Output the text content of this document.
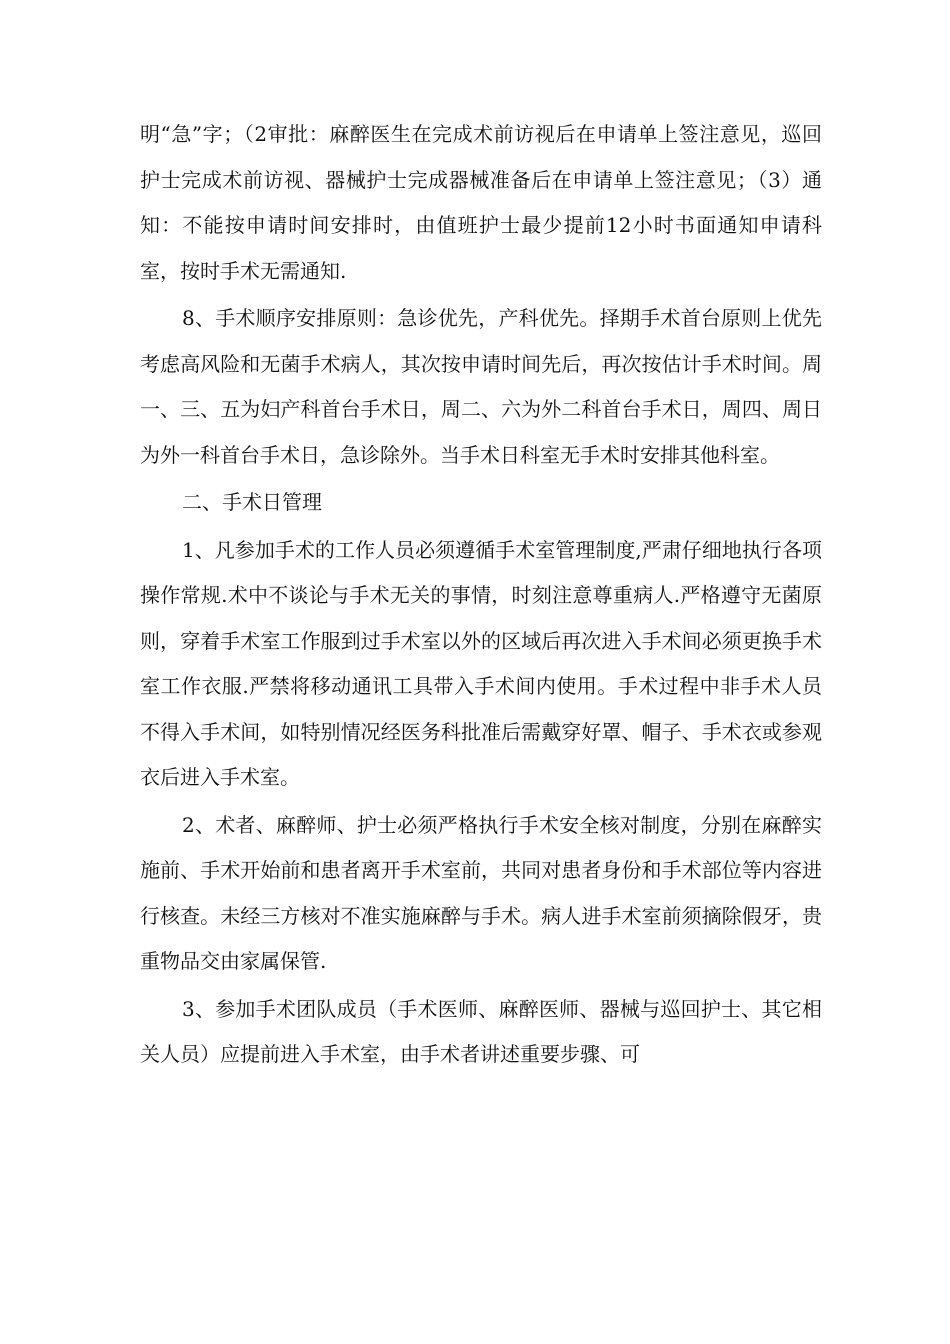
明“急”字；（2审批：麻醉医生在完成术前访视后在申请单上签注意见，巡回护士完成术前访视、器械护士完成器械准备后在申请单上签注意见；（3）通知：不能按申请时间安排时，由值班护士最少提前12小时书面通知申请科室，按时手术无需通知.

8、手术顺序安排原则：急诊优先，产科优先。择期手术首台原则上优先考虑高风险和无菌手术病人，其次按申请时间先后，再次按估计手术时间。周一、三、五为妇产科首台手术日，周二、六为外二科首台手术日，周四、周日为外一科首台手术日，急诊除外。当手术日科室无手术时安排其他科室。

二、手术日管理

1、凡参加手术的工作人员必须遵循手术室管理制度,严肃仔细地执行各项操作常规.术中不谈论与手术无关的事情，时刻注意尊重病人.严格遵守无菌原则，穿着手术室工作服到过手术室以外的区域后再次进入手术间必须更换手术室工作衣服.严禁将移动通讯工具带入手术间内使用。手术过程中非手术人员不得入手术间，如特别情况经医务科批准后需戴穿好罩、帽子、手术衣或参观衣后进入手术室。

2、术者、麻醉师、护士必须严格执行手术安全核对制度，分别在麻醉实施前、手术开始前和患者离开手术室前，共同对患者身份和手术部位等内容进行核查。未经三方核对不准实施麻醉与手术。病人进手术室前须摘除假牙，贵重物品交由家属保管.

3、参加手术团队成员（手术医师、麻醉医师、器械与巡回护士、其它相关人员）应提前进入手术室，由手术者讲述重要步骤、可
